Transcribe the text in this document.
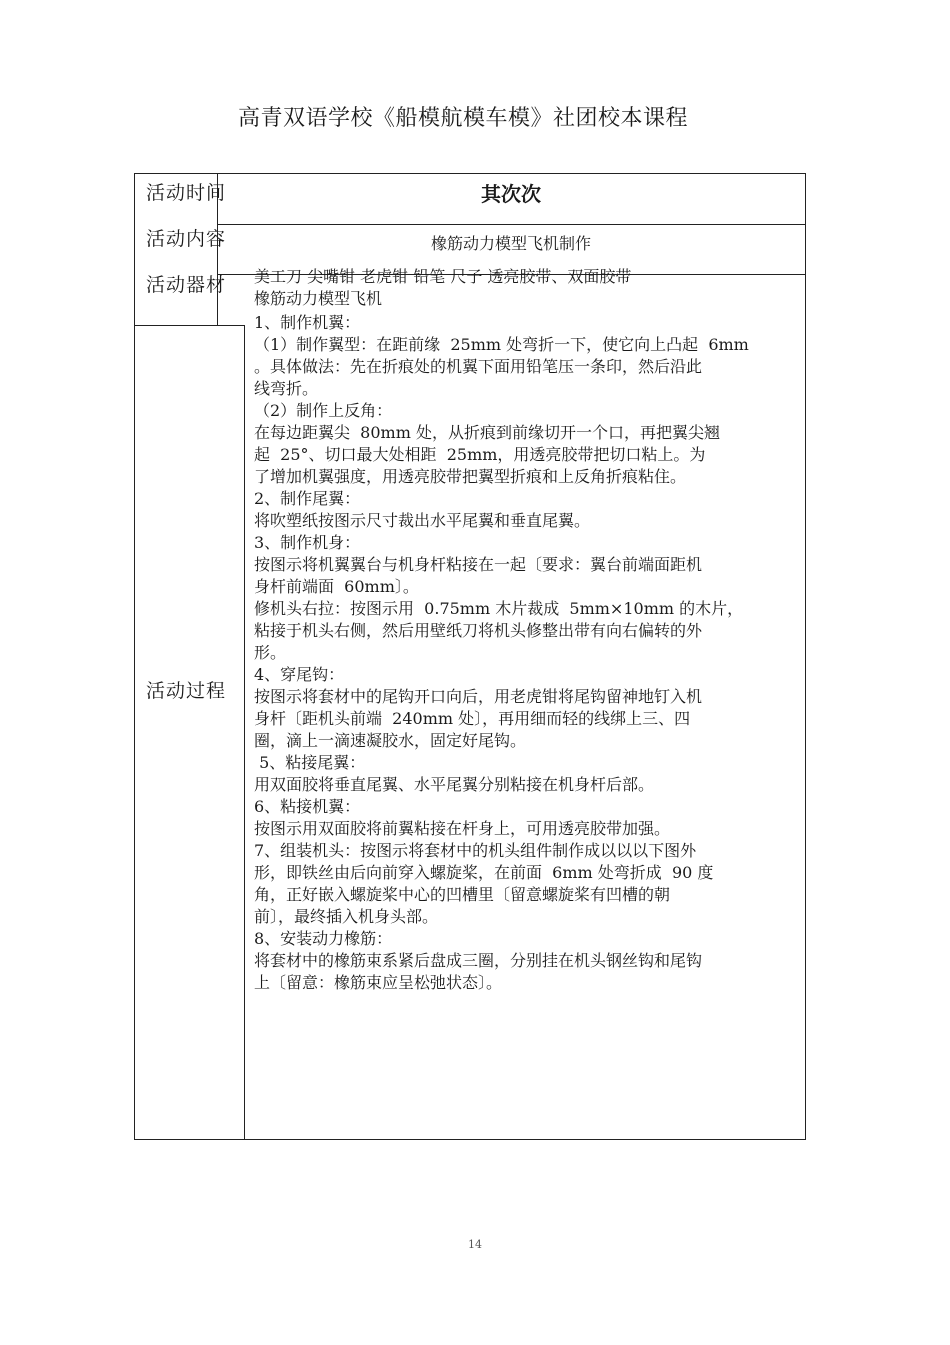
高青双语学校《船模航模车模》社团校本课程
活动时间
活动内容
活动器材
活动过程
其次次
橡筋动力模型飞机制作
美工刀 尖嘴钳 老虎钳 铅笔 尺子 透亮胶带、双面胶带
橡筋动力模型飞机
1、制作机翼：
（1）制作翼型：在距前缘  25mm 处弯折一下，使它向上凸起  6mm
。具体做法：先在折痕处的机翼下面用铅笔压一条印，然后沿此
线弯折。
（2）制作上反角：
在每边距翼尖  80mm 处，从折痕到前缘切开一个口，再把翼尖翘
起  25°、切口最大处相距  25mm，用透亮胶带把切口粘上。为
了增加机翼强度，用透亮胶带把翼型折痕和上反角折痕粘住。
2、制作尾翼：
将吹塑纸按图示尺寸裁出水平尾翼和垂直尾翼。
3、制作机身：
按图示将机翼翼台与机身杆粘接在一起〔要求：翼台前端面距机
身杆前端面  60mm〕。
修机头右拉：按图示用  0.75mm 木片裁成  5mm×10mm 的木片，
粘接于机头右侧，然后用壁纸刀将机头修整出带有向右偏转的外
形。
4、穿尾钩：
按图示将套材中的尾钩开口向后，用老虎钳将尾钩留神地钉入机
身杆〔距机头前端  240mm 处〕，再用细而轻的线绑上三、四
圈，滴上一滴速凝胶水，固定好尾钩。
5、粘接尾翼：
用双面胶将垂直尾翼、水平尾翼分别粘接在机身杆后部。
6、粘接机翼：
按图示用双面胶将前翼粘接在杆身上，可用透亮胶带加强。
7、组装机头：按图示将套材中的机头组件制作成以以以下图外
形，即铁丝由后向前穿入螺旋桨，在前面  6mm 处弯折成  90 度
角，正好嵌入螺旋桨中心的凹槽里〔留意螺旋桨有凹槽的朝
前〕，最终插入机身头部。
8、安装动力橡筋：
将套材中的橡筋束系紧后盘成三圈，分别挂在机头钢丝钩和尾钩
上〔留意：橡筋束应呈松弛状态〕。
14
